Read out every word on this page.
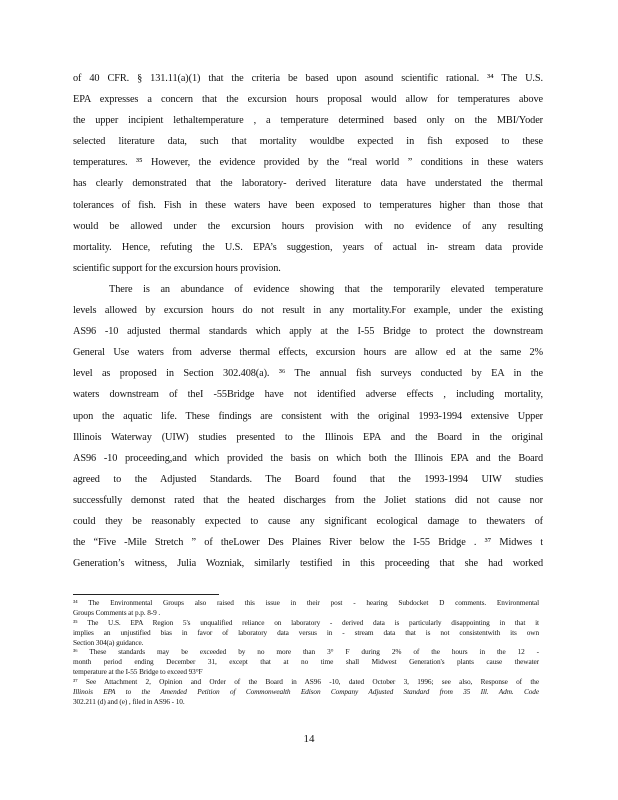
of 40 CFR. § 131.11(a)(1) that the criteria be based upon asound scientific rational. ³⁴ The U.S.
EPA expresses a concern that the excursion hours proposal would allow for temperatures above
the upper incipient lethaltemperature , a temperature determined based only on the MBI/Yoder
selected literature data, such that mortality wouldbe expected in fish exposed to these
temperatures. ³⁵ However, the evidence provided by the “real world ” conditions in these waters
has clearly demonstrated that the laboratory- derived literature data have understated the thermal
tolerances of fish. Fish in these waters have been exposed to temperatures higher than those that
would be allowed under the excursion hours provision with no evidence of any resulting
mortality. Hence, refuting the U.S. EPA’s suggestion, years of actual in- stream data provide
scientific support for the excursion hours provision.
There is an abundance of evidence showing that the temporarily elevated temperature
levels allowed by excursion hours do not result in any mortality.For example, under the existing
AS96 -10 adjusted thermal standards which apply at the I-55 Bridge to protect the downstream
General Use waters from adverse thermal effects, excursion hours are allow ed at the same 2%
level as proposed in Section 302.408(a). ³⁶ The annual fish surveys conducted by EA in the
waters downstream of theI -55Bridge have not identified adverse effects , including mortality,
upon the aquatic life. These findings are consistent with the original 1993-1994 extensive Upper
Illinois Waterway (UIW) studies presented to the Illinois EPA and the Board in the original
AS96 -10 proceeding,and which provided the basis on which both the Illinois EPA and the Board
agreed to the Adjusted Standards. The Board found that the 1993-1994 UIW studies
successfully demonst rated that the heated discharges from the Joliet stations did not cause nor
could they be reasonably expected to cause any significant ecological damage to thewaters of
the “Five -Mile Stretch ” of theLower Des Plaines River below the I-55 Bridge . ³⁷ Midwes t
Generation’s witness, Julia Wozniak, similarly testified in this proceeding that she had worked
³⁴ The Environmental Groups also raised this issue in their post - hearing Subdocket D comments. Environmental
Groups Comments at p.p. 8-9 .
³⁵ The U.S. EPA Region 5's unqualified reliance on laboratory - derived data is particularly disappointing in that it
implies an unjustified bias in favor of laboratory data versus in - stream data that is not consistentwith its own
Section 304(a) guidance.
³⁶ These standards may be exceeded by no more than 3° F during 2% of the hours in the 12 -
month period ending December 31, except that at no time shall Midwest Generation's plants cause thewater
temperature at the I-55 Bridge to exceed 93°F
³⁷ See Attachment 2, Opinion and Order of the Board in AS96 -10, dated October 3, 1996; see also, Response of the
Illinois EPA to the Amended Petition of Commonwealth Edison Company Adjusted Standard from 35 Ill. Adm. Code
302.211 (d) and (e) , filed in AS96 - 10.
14
